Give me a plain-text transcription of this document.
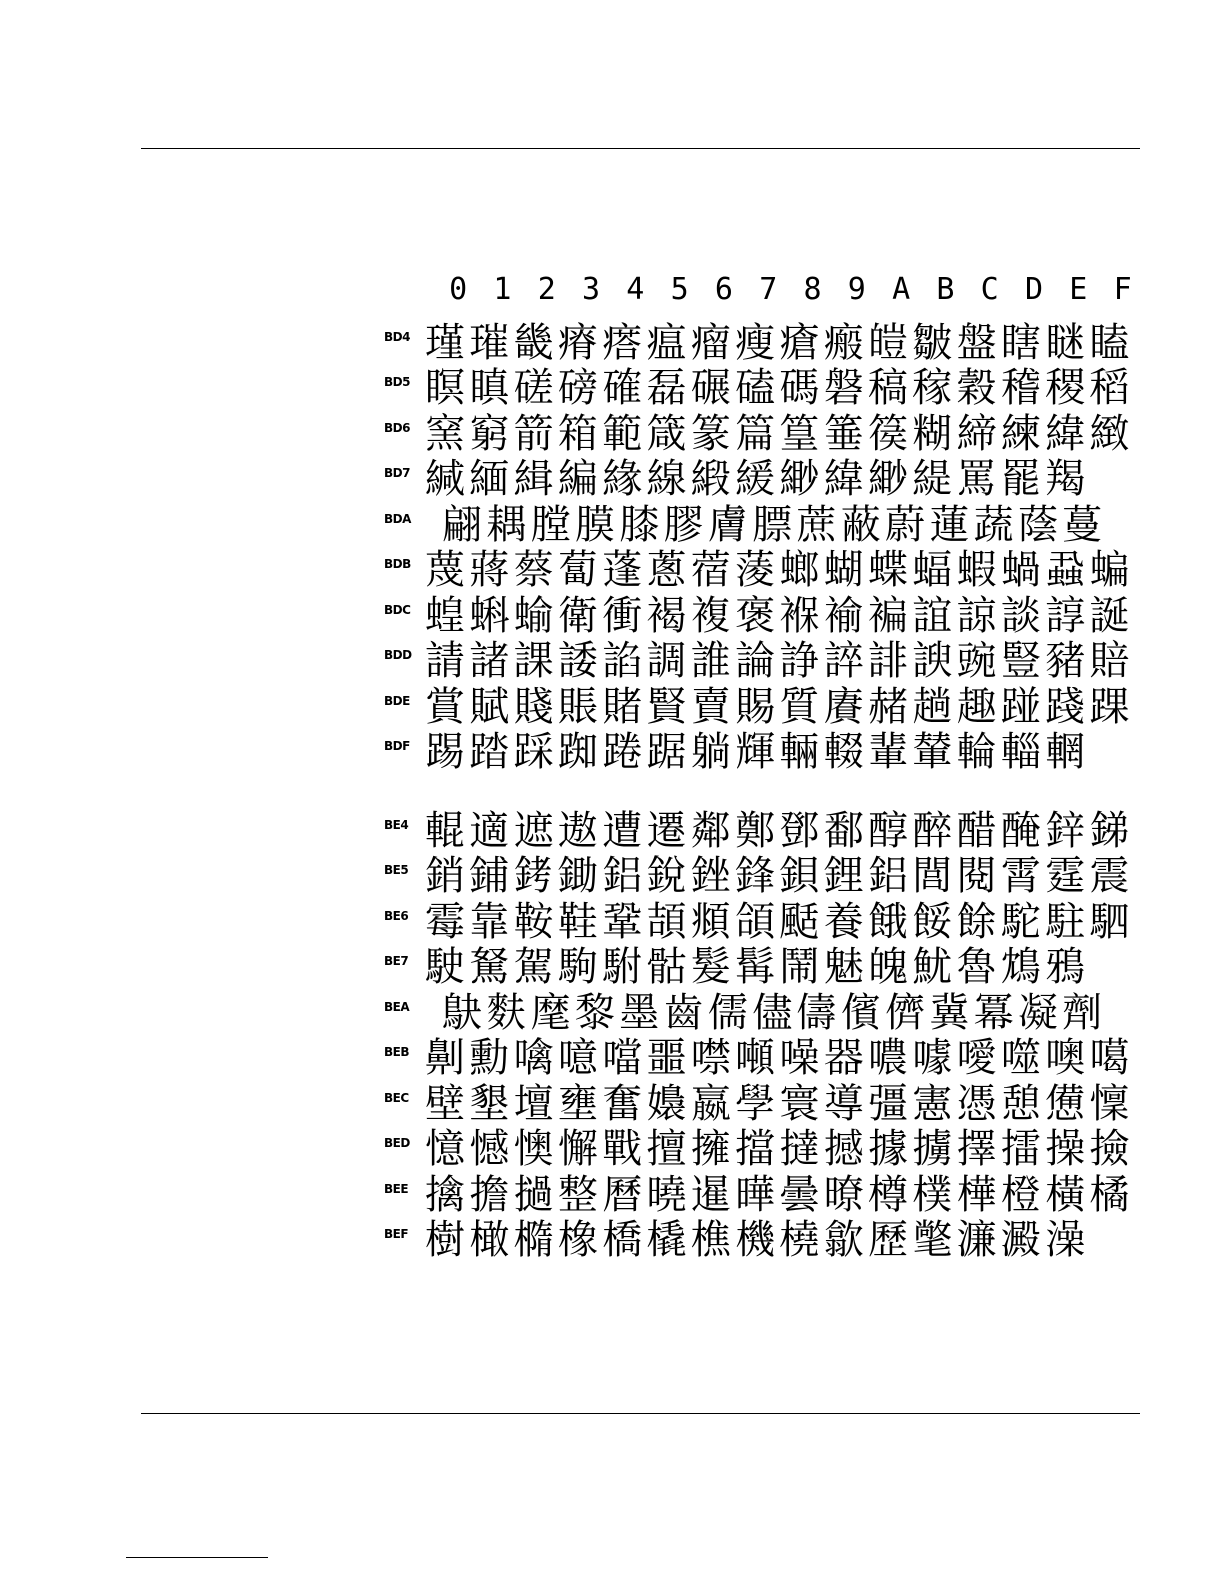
0 1 2 3 4 5 6 7 8 9 A B C D E F
BD4 瑾璀畿瘠瘩瘟瘤瘦瘡瘢皚皺盤瞎瞇瞌
BD5 瞑瞋磋磅確磊碾磕碼磐稿稼穀稽稷稻
BD6 窯窮箭箱範箴篆篇篁箠篌糊締練緯緻
BD7 緘緬緝編緣線緞緩緲緯緲緹罵罷羯
BDA 翩耦膛膜膝膠膚膘蔗蔽蔚蓮蔬蔭蔓
BDB 蔑蔣蔡蔔蓬蔥蓿蔆螂蝴蝶蝠蝦蝸蝨蝙
BDC 蝗蝌蝓衛衝褐複褒褓褕褊誼諒談諄誕
BDD 請諸課諉諂調誰論諍誶誹諛豌豎豬賠
BDE 賞賦賤賬賭賢賣賜質賡赭趟趣踫踐踝
BDF 踢踏踩踟踡踞躺輝輛輟輩輦輪輜輞
BE4 輥適遮遨遭遷鄰鄭鄧鄱醇醉醋醃鋅銻
BE5 銷鋪銬鋤鋁銳銼鋒鋇鋰鋁閭閱霄霆震
BE6 霉靠鞍鞋鞏頡頫頜颳養餓餒餘駝駐駟
BE7 駛駑駕駒駙骷髮髯鬧魅魄魷魯鴆鴉
BEA 鴃麩麾黎墨齒儒儘儔儐儕冀冪凝劑
BEB 劓勳噙噫噹噩噤噸噪器噥噱噯噬噢噶
BEC 壁墾壇壅奮嬝嬴學寰導彊憲憑憩憊懍
BED 憶憾懊懈戰擅擁擋撻撼據擄擇擂操撿
BEE 擒擔撾整曆曉暹曄曇暸樽樸樺橙橫橘
BEF 樹橄橢橡橋橇樵機橈歙歷氅濂澱澡
